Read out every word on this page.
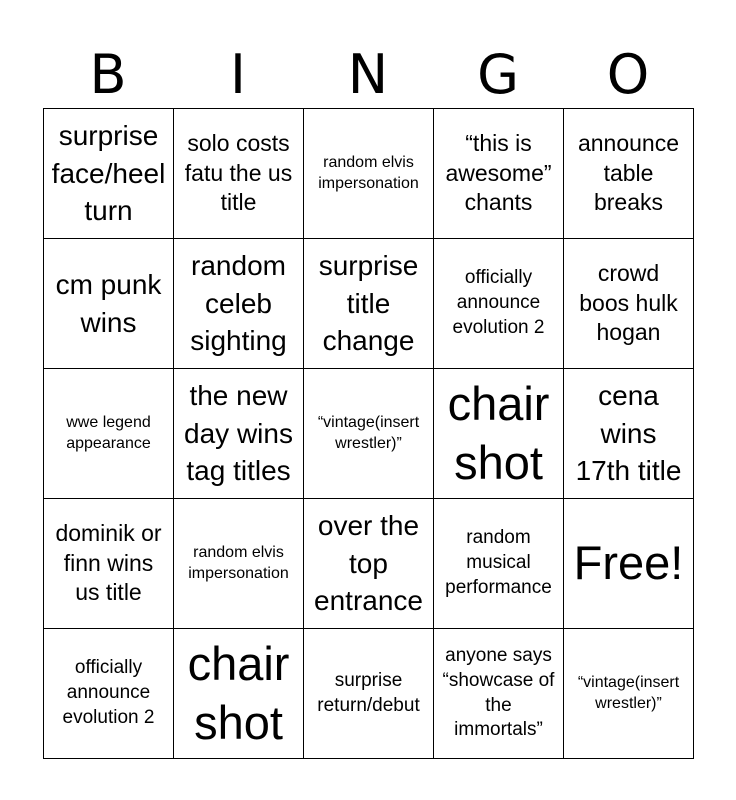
B	I	N	G	O
surprise face/heel turn	solo costs fatu the us title	random elvis impersonation	“this is awesome” chants	announce table breaks
cm punk wins	random celeb sighting	surprise title change	officially announce evolution 2	crowd boos hulk hogan
wwe legend appearance	the new day wins tag titles	“vintage(insert wrestler)”	chair shot	cena wins 17th title
dominik or finn wins us title	random elvis impersonation	over the top entrance	random musical performance	Free!
officially announce evolution 2	chair shot	surprise return/debut	anyone says “showcase of the immortals”	“vintage(insert wrestler)”
